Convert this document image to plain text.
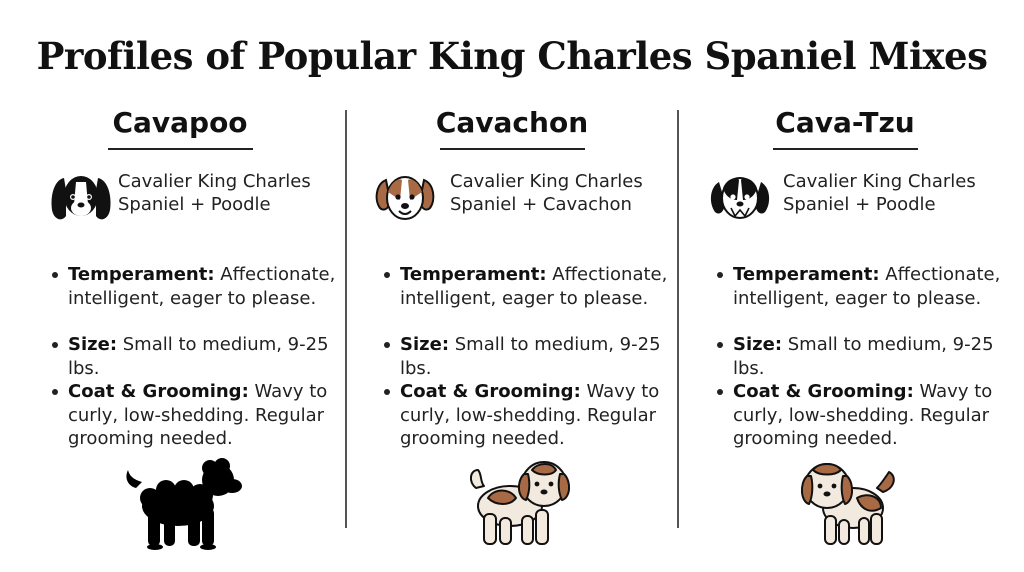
Profiles of Popular King Charles Spaniel Mixes
Cavapoo
Cavalier King Charles
Spaniel + Poodle
Temperament: Affectionate, intelligent, eager to please.
Size: Small to medium, 9-25 lbs.
Coat & Grooming: Wavy to curly, low-shedding. Regular grooming needed.
Cavachon
Cavalier King Charles
Spaniel + Cavachon
Temperament: Affectionate, intelligent, eager to please.
Size: Small to medium, 9-25 lbs.
Coat & Grooming: Wavy to curly, low-shedding. Regular grooming needed.
Cava-Tzu
Cavalier King Charles
Spaniel + Poodle
Temperament: Affectionate, intelligent, eager to please.
Size: Small to medium, 9-25 lbs.
Coat & Grooming: Wavy to curly, low-shedding. Regular grooming needed.
